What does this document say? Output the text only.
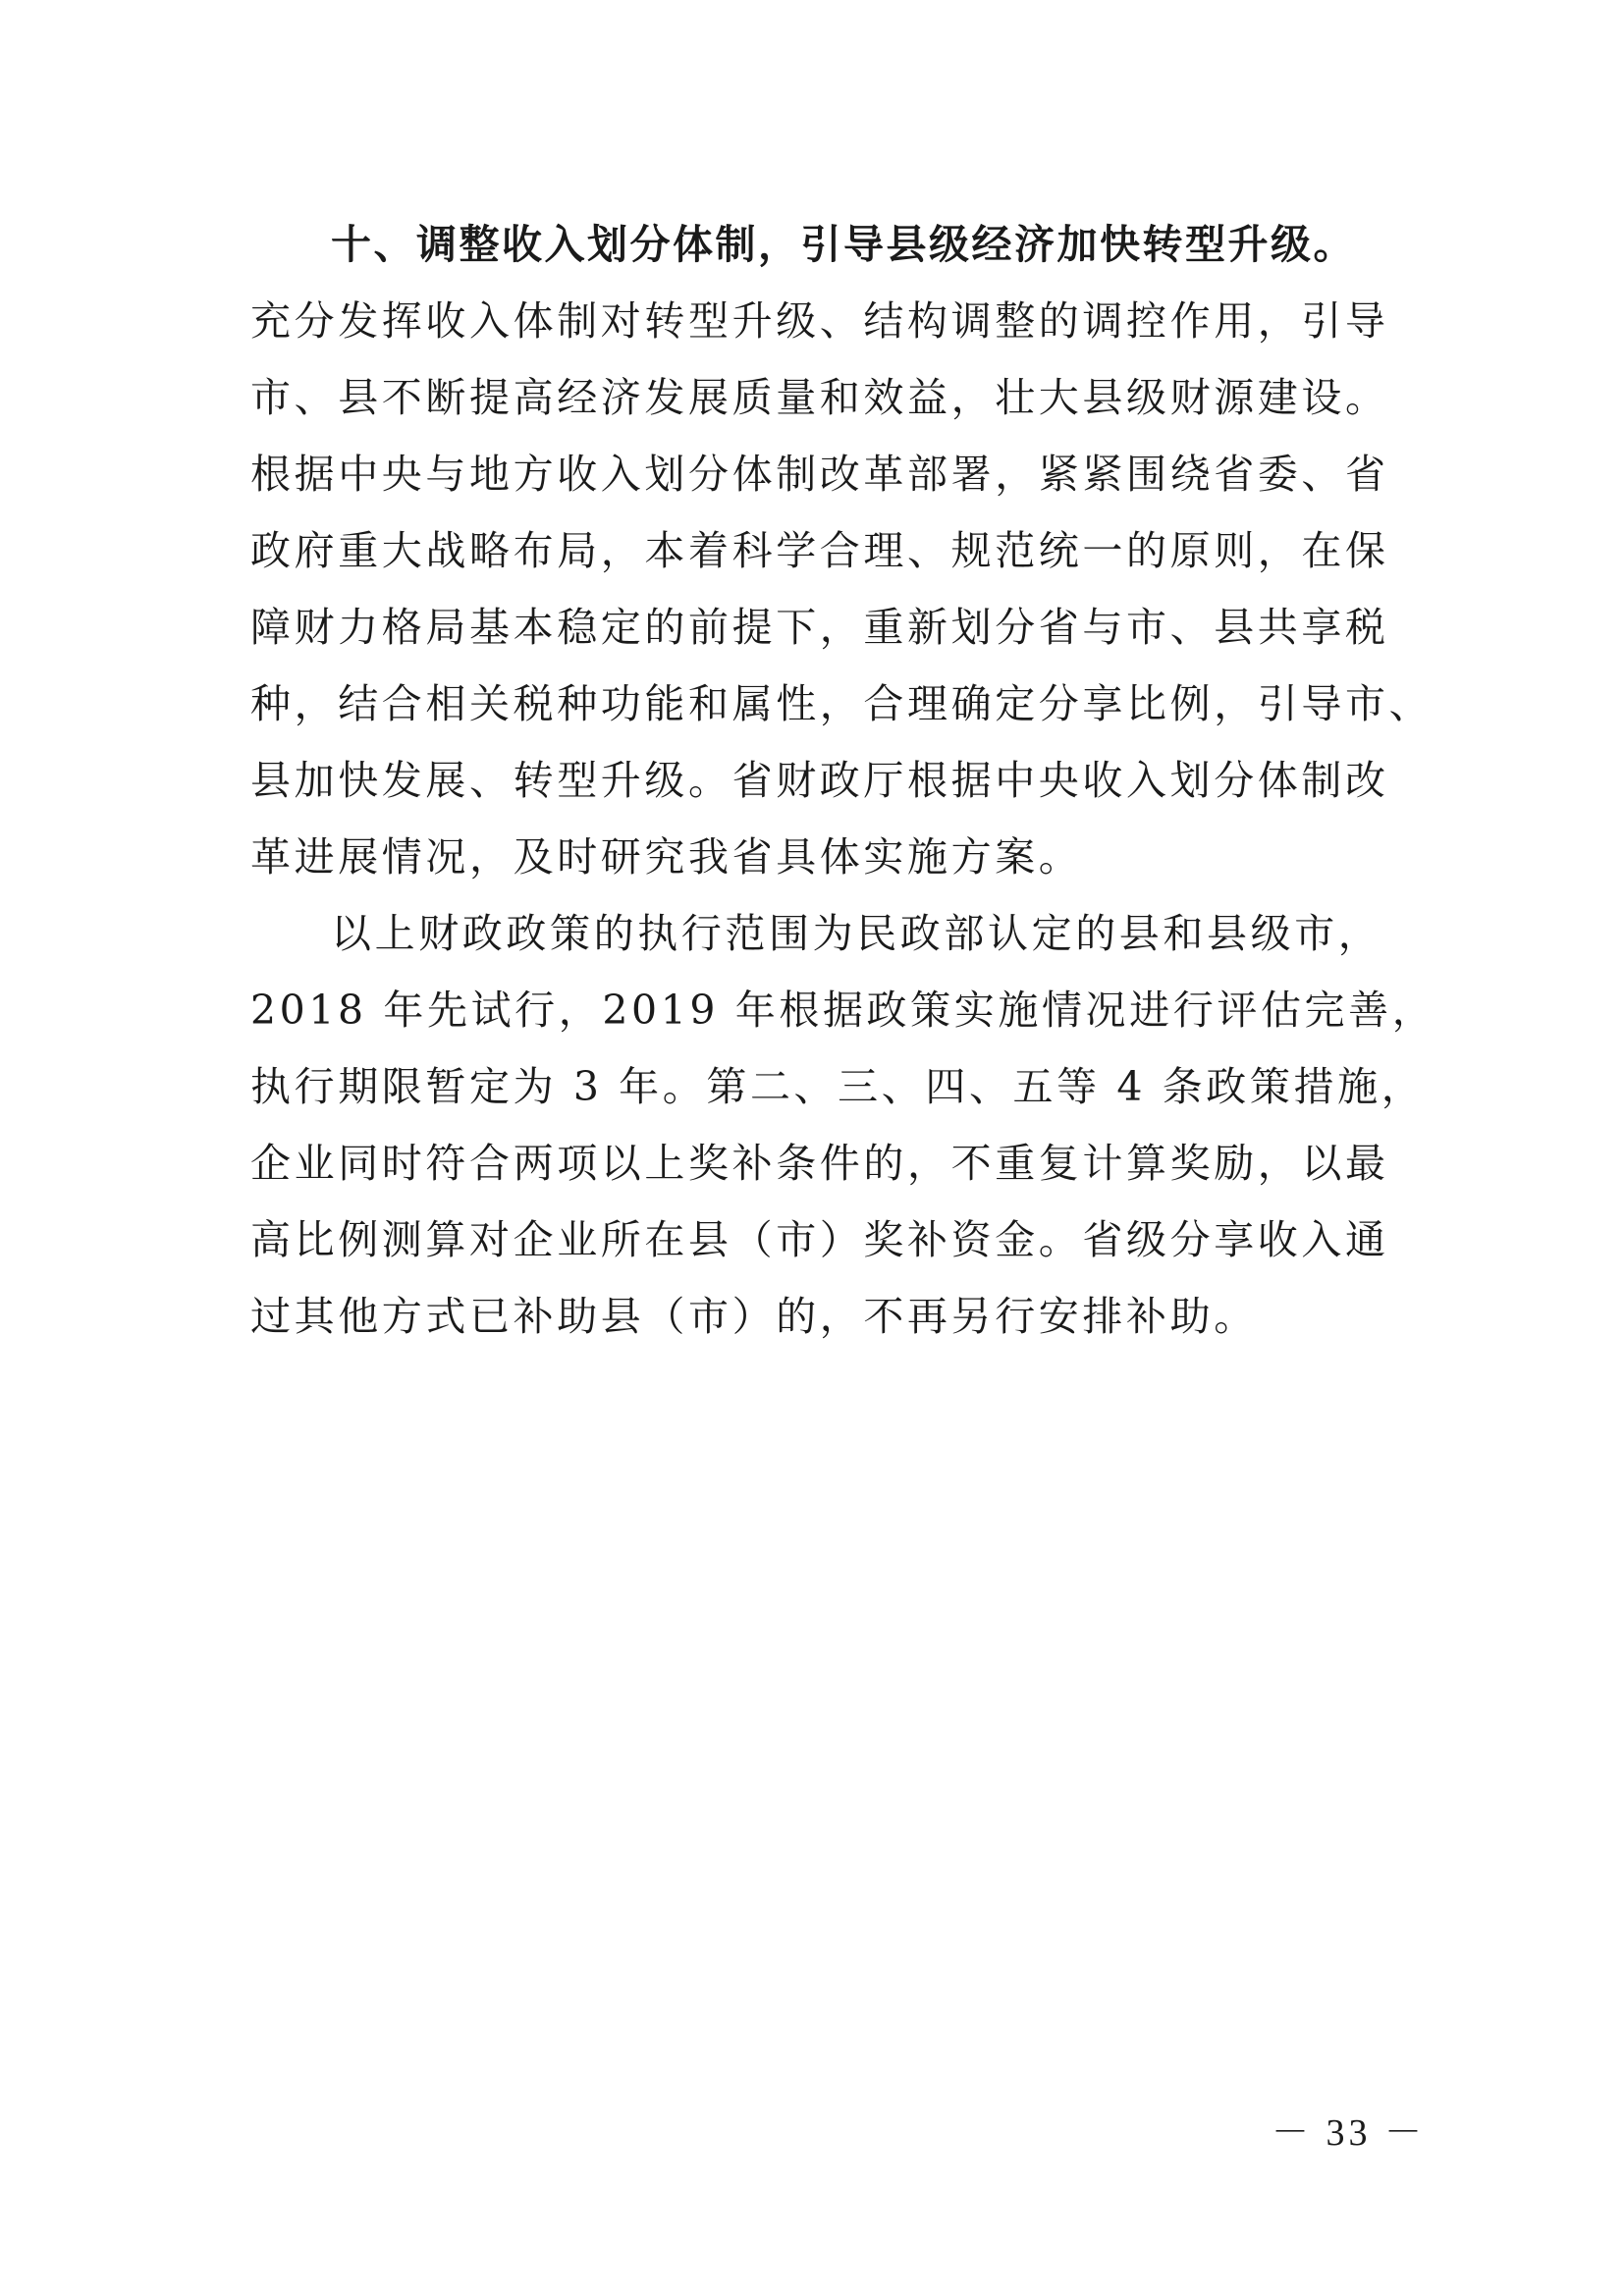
十、调整收入划分体制，引导县级经济加快转型升级。
充分发挥收入体制对转型升级、结构调整的调控作用，引导
市、县不断提高经济发展质量和效益，壮大县级财源建设。
根据中央与地方收入划分体制改革部署，紧紧围绕省委、省
政府重大战略布局，本着科学合理、规范统一的原则，在保
障财力格局基本稳定的前提下，重新划分省与市、县共享税
种，结合相关税种功能和属性，合理确定分享比例，引导市、
县加快发展、转型升级。省财政厅根据中央收入划分体制改
革进展情况，及时研究我省具体实施方案。
以上财政政策的执行范围为民政部认定的县和县级市，
2018 年先试行，2019 年根据政策实施情况进行评估完善，
执行期限暂定为 3 年。第二、三、四、五等 4 条政策措施，
企业同时符合两项以上奖补条件的，不重复计算奖励，以最
高比例测算对企业所在县（市）奖补资金。省级分享收入通
过其他方式已补助县（市）的，不再另行安排补助。
－ 33 －
